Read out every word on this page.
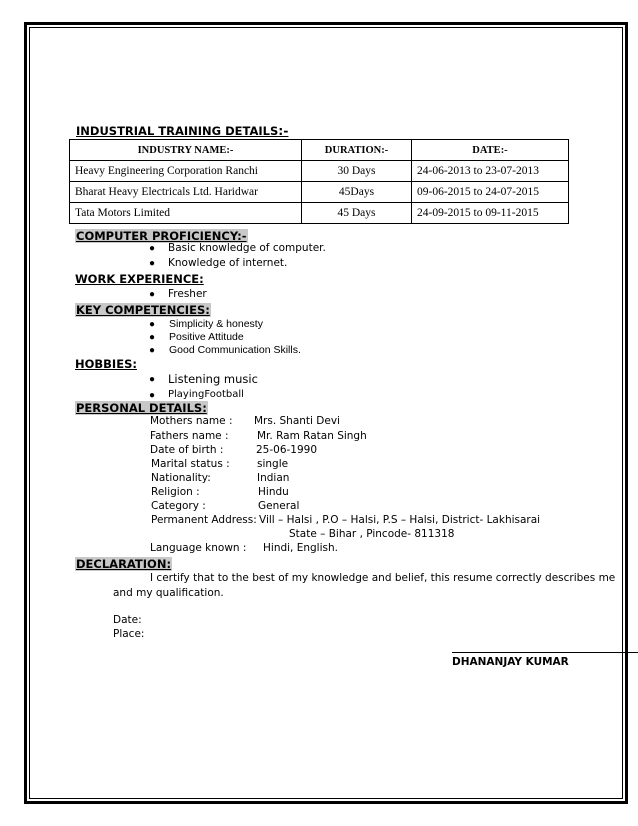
INDUSTRIAL TRAINING DETAILS:-
INDUSTRY NAME:-	DURATION:-	DATE:-
Heavy Engineering Corporation Ranchi	30 Days	24-06-2013 to 23-07-2013
Bharat Heavy Electricals Ltd. Haridwar	45Days	09-06-2015 to 24-07-2015
Tata Motors Limited	45 Days	24-09-2015 to 09-11-2015
COMPUTER PROFICIENCY:-
● Basic knowledge of computer.
● Knowledge of internet.
WORK EXPERIENCE:
● Fresher
KEY COMPETENCIES:
● Simplicity & honesty
● Positive Attitude
● Good Communication Skills.
HOBBIES:
● Listening music
● PlayingFootball
PERSONAL DETAILS:
Mothers name : Mrs. Shanti Devi
Fathers name :	Mr. Ram Ratan Singh
Date of birth :	25-06-1990
Marital status :	single
Nationality:	Indian
Religion :	Hindu
Category :	General
Permanent Address: Vill – Halsi , P.O – Halsi, P.S – Halsi, District- Lakhisarai
State – Bihar , Pincode- 811318
Language known : Hindi, English.
DECLARATION:
I certify that to the best of my knowledge and belief, this resume correctly describes me
and my qualification.
Date:
Place:
DHANANJAY KUMAR
